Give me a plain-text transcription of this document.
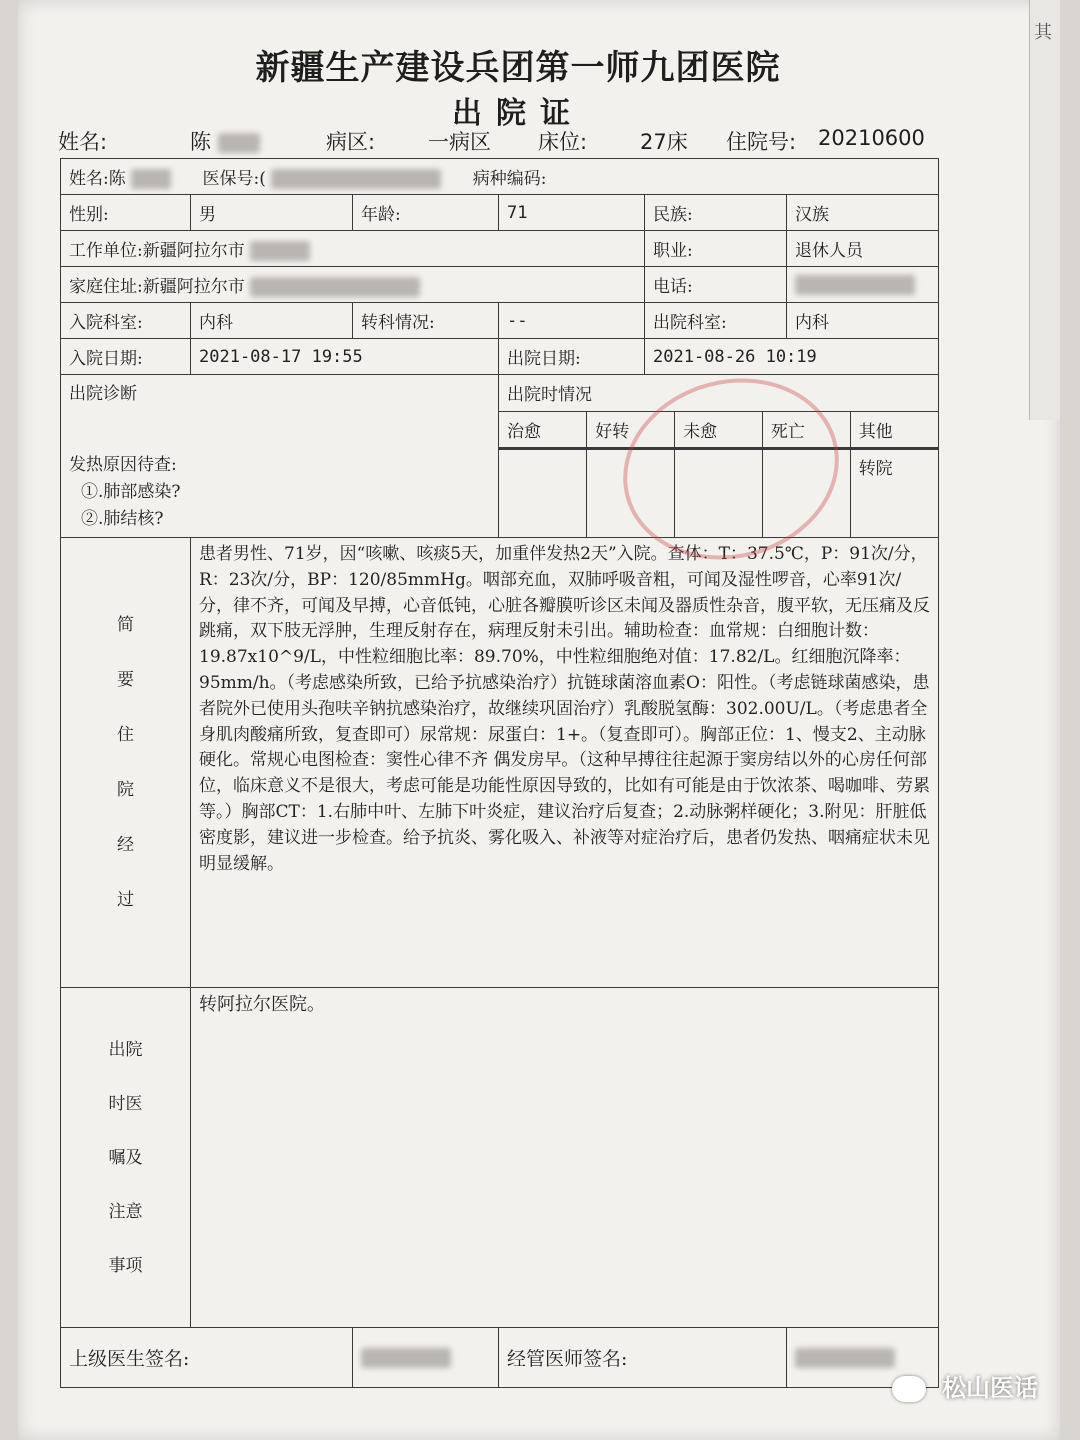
其
新疆生产建设兵团第一师九团医院
出院证
姓名:	陈	病区:	一病区 床位:	27床 住院号: 20210600
姓名:陈	医保号:(	病种编码:
性别:	男	年龄:	71	民族:	汉族
工作单位:新疆阿拉尔市	职业:	退休人员
家庭住址:新疆阿拉尔市	电话:	
入院科室:	内科	转科情况:	--	出院科室:	内科
入院日期:	2021-08-17 19:55	出院日期:	2021-08-26 10:19
出院诊断	出院时情况

治愈	好转	未愈	死亡	其他

发热原因待查:
①.肺部感染?
②.肺结核?

				转院

简
要
住
院
经
过
	患者男性、71岁，因“咳嗽、咳痰5天，加重伴发热2天”入院。查体：T：37.5℃，P：91次/分，R：23次/分，BP：120/85mmHg。咽部充血，双肺呼吸音粗，可闻及湿性啰音，心率91次/分，律不齐，可闻及早搏，心音低钝，心脏各瓣膜听诊区未闻及器质性杂音，腹平软，无压痛及反跳痛，双下肢无浮肿，生理反射存在，病理反射未引出。辅助检查：血常规：白细胞计数：19.87x10^9/L，中性粒细胞比率：89.70%，中性粒细胞绝对值：17.82/L。红细胞沉降率：95mm/h。（考虑感染所致，已给予抗感染治疗）抗链球菌溶血素O：阳性。（考虑链球菌感染，患者院外已使用头孢呋辛钠抗感染治疗，故继续巩固治疗）乳酸脱氢酶：302.00U/L。（考虑患者全身肌肉酸痛所致，复查即可）尿常规：尿蛋白：1+。（复查即可）。胸部正位：1、慢支2、主动脉硬化。常规心电图检查：窦性心律不齐 偶发房早。（这种早搏往往起源于窦房结以外的心房任何部位，临床意义不是很大，考虑可能是功能性原因导致的，比如有可能是由于饮浓茶、喝咖啡、劳累等。）胸部CT：1.右肺中叶、左肺下叶炎症，建议治疗后复查；2.动脉粥样硬化；3.附见：肝脏低密度影，建议进一步检查。给予抗炎、雾化吸入、补液等对症治疗后，患者仍发热、咽痛症状未见明显缓解。

出院
时医
嘱及
注意
事项
	转阿拉尔医院。
上级医生签名:		经管医师签名:	
松山医话
